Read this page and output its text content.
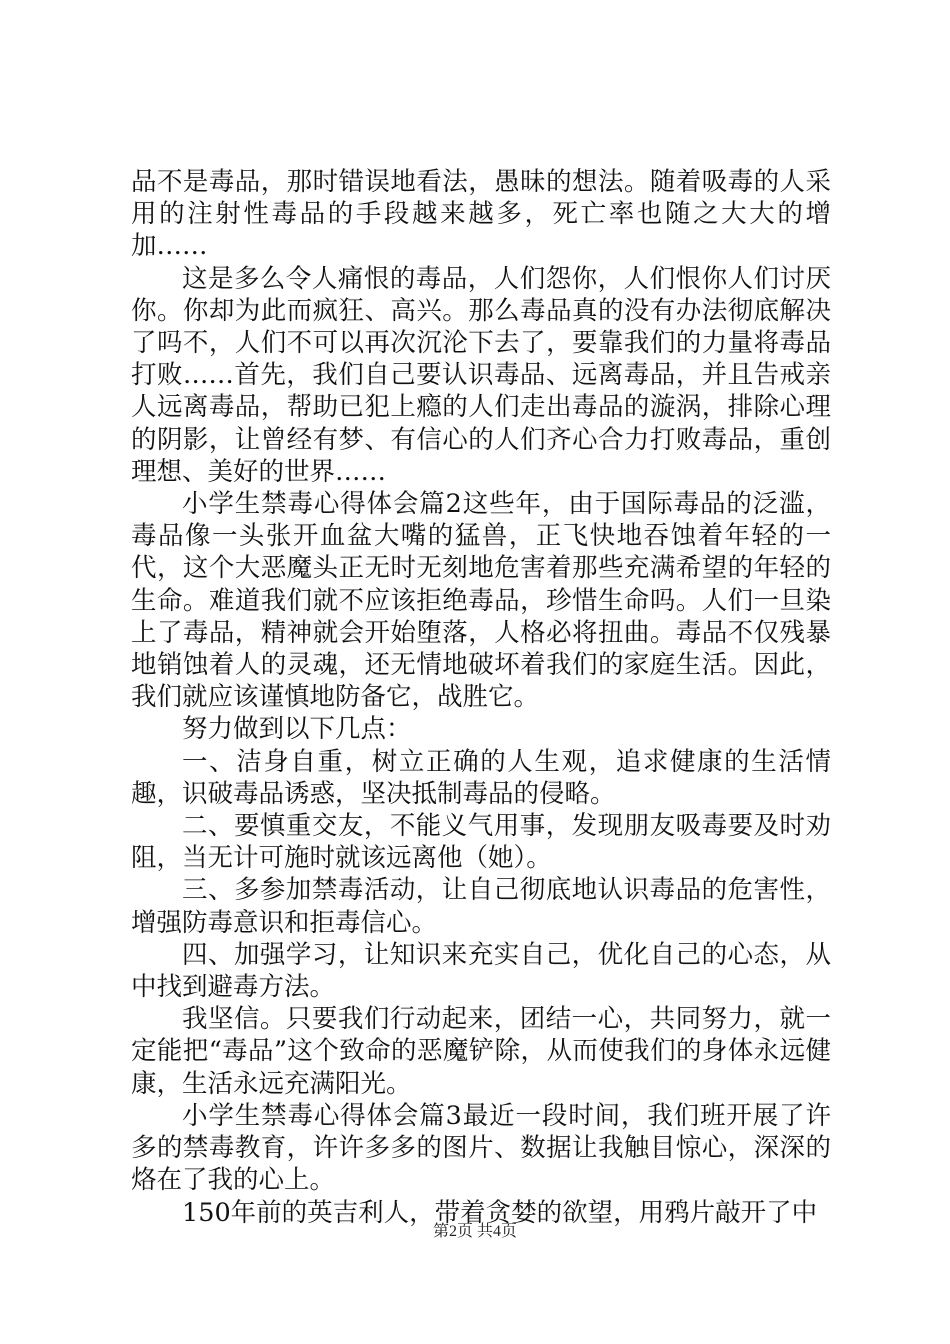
品不是毒品，那时错误地看法，愚昧的想法。随着吸毒的人采用的注射性毒品的手段越来越多，死亡率也随之大大的增加……

这是多么令人痛恨的毒品，人们怨你，人们恨你人们讨厌你。你却为此而疯狂、高兴。那么毒品真的没有办法彻底解决了吗不，人们不可以再次沉沦下去了，要靠我们的力量将毒品打败……首先，我们自己要认识毒品、远离毒品，并且告戒亲人远离毒品，帮助已犯上瘾的人们走出毒品的漩涡，排除心理的阴影，让曾经有梦、有信心的人们齐心合力打败毒品，重创理想、美好的世界……

小学生禁毒心得体会篇2这些年，由于国际毒品的泛滥，毒品像一头张开血盆大嘴的猛兽，正飞快地吞蚀着年轻的一代，这个大恶魔头正无时无刻地危害着那些充满希望的年轻的生命。难道我们就不应该拒绝毒品，珍惜生命吗。人们一旦染上了毒品，精神就会开始堕落，人格必将扭曲。毒品不仅残暴地销蚀着人的灵魂，还无情地破坏着我们的家庭生活。因此，我们就应该谨慎地防备它，战胜它。

努力做到以下几点：

一、洁身自重，树立正确的人生观，追求健康的生活情趣，识破毒品诱惑，坚决抵制毒品的侵略。

二、要慎重交友，不能义气用事，发现朋友吸毒要及时劝阻，当无计可施时就该远离他（她）。

三、多参加禁毒活动，让自己彻底地认识毒品的危害性，增强防毒意识和拒毒信心。

四、加强学习，让知识来充实自己，优化自己的心态，从中找到避毒方法。

我坚信。只要我们行动起来，团结一心，共同努力，就一定能把“毒品”这个致命的恶魔铲除，从而使我们的身体永远健康，生活永远充满阳光。

小学生禁毒心得体会篇3最近一段时间，我们班开展了许多的禁毒教育，许许多多的图片、数据让我触目惊心，深深的烙在了我的心上。

150年前的英吉利人，带着贪婪的欲望，用鸦片敲开了中

第2页 共4页
